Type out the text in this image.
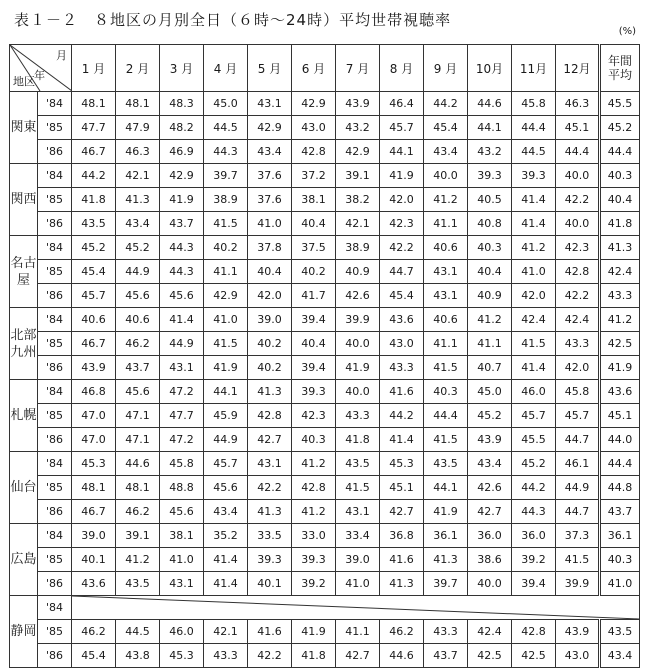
表１－２　８地区の月別全日（６時～24時）平均世帯視聴率
(%)
月
年
地区		1 月	2 月	3 月	4 月	5 月	6 月	7 月	8 月	9 月	10月	11月	12月	年間 平均
関東	'84	48.1	48.1	48.3	45.0	43.1	42.9	43.9	46.4	44.2	44.6	45.8	46.3	45.5
	'85	47.7	47.9	48.2	44.5	42.9	43.0	43.2	45.7	45.4	44.1	44.4	45.1	45.2
	'86	46.7	46.3	46.9	44.3	43.4	42.8	42.9	44.1	43.4	43.2	44.5	44.4	44.4
関西	'84	44.2	42.1	42.9	39.7	37.6	37.2	39.1	41.9	40.0	39.3	39.3	40.0	40.3
	'85	41.8	41.3	41.9	38.9	37.6	38.1	38.2	42.0	41.2	40.5	41.4	42.2	40.4
	'86	43.5	43.4	43.7	41.5	41.0	40.4	42.1	42.3	41.1	40.8	41.4	40.0	41.8
名古屋	'84	45.2	45.2	44.3	40.2	37.8	37.5	38.9	42.2	40.6	40.3	41.2	42.3	41.3
	'85	45.4	44.9	44.3	41.1	40.4	40.2	40.9	44.7	43.1	40.4	41.0	42.8	42.4
	'86	45.7	45.6	45.6	42.9	42.0	41.7	42.6	45.4	43.1	40.9	42.0	42.2	43.3
北部九州	'84	40.6	40.6	41.4	41.0	39.0	39.4	39.9	43.6	40.6	41.2	42.4	42.4	41.2
	'85	46.7	46.2	44.9	41.5	40.2	40.4	40.0	43.0	41.1	41.1	41.5	43.3	42.5
	'86	43.9	43.7	43.1	41.9	40.2	39.4	41.9	43.3	41.5	40.7	41.4	42.0	41.9
札幌	'84	46.8	45.6	47.2	44.1	41.3	39.3	40.0	41.6	40.3	45.0	46.0	45.8	43.6
	'85	47.0	47.1	47.7	45.9	42.8	42.3	43.3	44.2	44.4	45.2	45.7	45.7	45.1
	'86	47.0	47.1	47.2	44.9	42.7	40.3	41.8	41.4	41.5	43.9	45.5	44.7	44.0
仙台	'84	45.3	44.6	45.8	45.7	43.1	41.2	43.5	45.3	43.5	43.4	45.2	46.1	44.4
	'85	48.1	48.1	48.8	45.6	42.2	42.8	41.5	45.1	44.1	42.6	44.2	44.9	44.8
	'86	46.7	46.2	45.6	43.4	41.3	41.2	43.1	42.7	41.9	42.7	44.3	44.7	43.7
広島	'84	39.0	39.1	38.1	35.2	33.5	33.0	33.4	36.8	36.1	36.0	36.0	37.3	36.1
	'85	40.1	41.2	41.0	41.4	39.3	39.3	39.0	41.6	41.3	38.6	39.2	41.5	40.3
	'86	43.6	43.5	43.1	41.4	40.1	39.2	41.0	41.3	39.7	40.0	39.4	39.9	41.0
静岡	'84	

	'85	46.2	44.5	46.0	42.1	41.6	41.9	41.1	46.2	43.3	42.4	42.8	43.9	43.5
	'86	45.4	43.8	45.3	43.3	42.2	41.8	42.7	44.6	43.7	42.5	42.5	43.0	43.4
